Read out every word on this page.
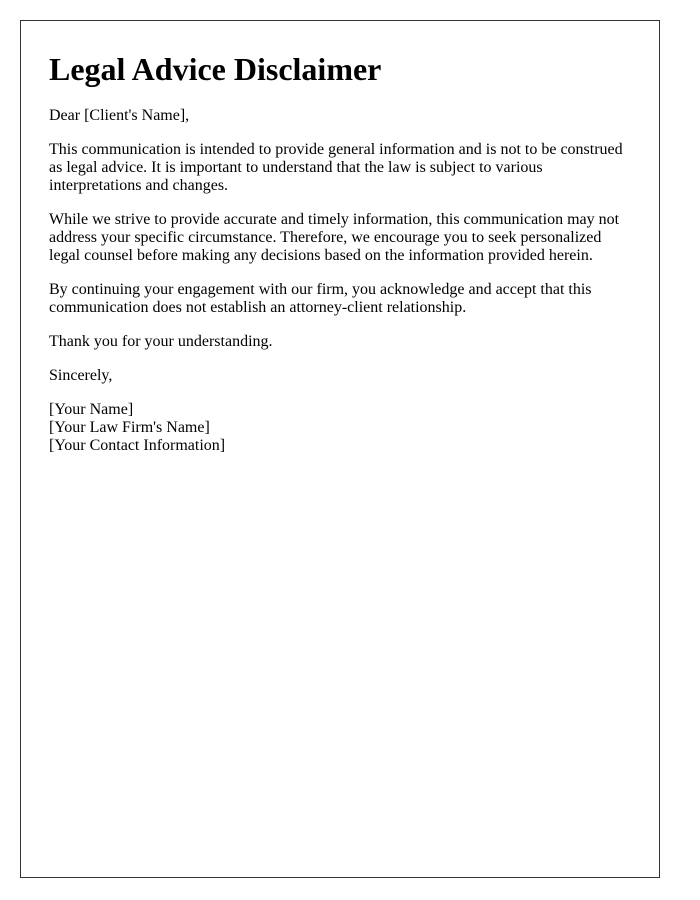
Legal Advice Disclaimer

Dear [Client's Name],

This communication is intended to provide general information and is not to be construed as legal advice. It is important to understand that the law is subject to various interpretations and changes.

While we strive to provide accurate and timely information, this communication may not address your specific circumstance. Therefore, we encourage you to seek personalized legal counsel before making any decisions based on the information provided herein.

By continuing your engagement with our firm, you acknowledge and accept that this communication does not establish an attorney-client relationship.

Thank you for your understanding.

Sincerely,

[Your Name]
[Your Law Firm's Name]
[Your Contact Information]
